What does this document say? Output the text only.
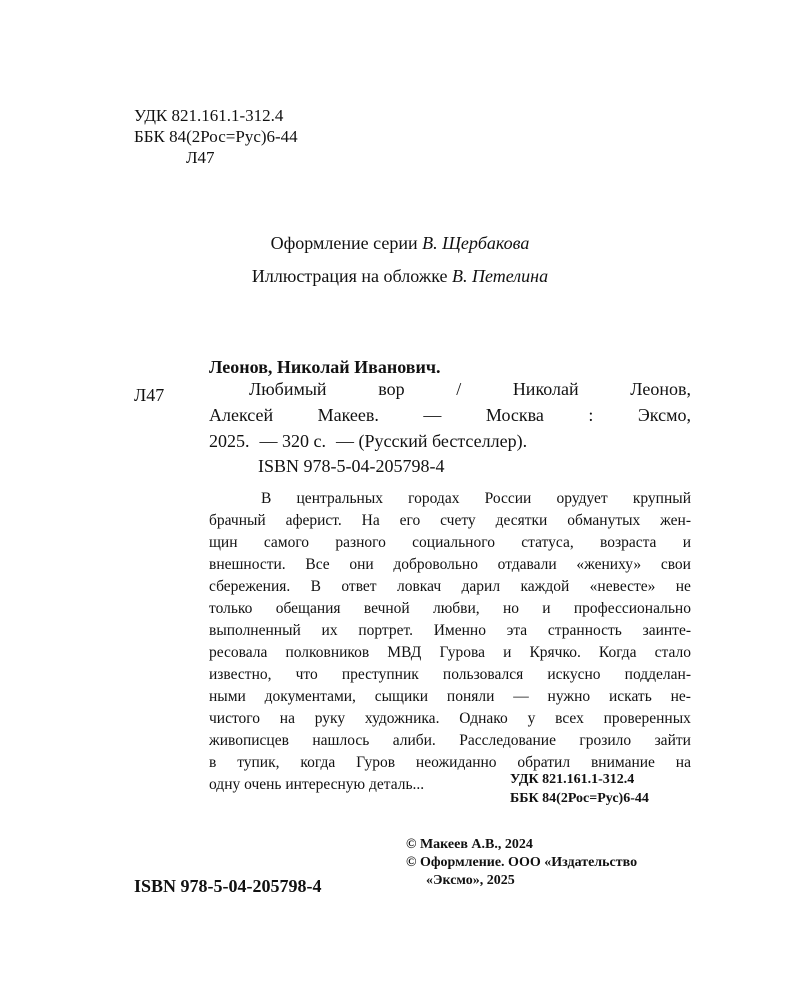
УДК 821.161.1-312.4
ББК 84(2Рос=Рус)6-44
Л47
Оформление серии В. Щербакова
Иллюстрация на обложке В. Петелина
Леонов, Николай Иванович.
Л47	Любимый	вор	/	Николай	Леонов,
Алексей Макеев. — Москва : Эксмо,
2025. — 320 с. — (Русский бестселлер).
ISBN 978-5-04-205798-4
В центральных городах России орудует крупный
брачный аферист. На его счету десятки обманутых жен-
щин самого разного социального статуса, возраста и
внешности. Все они добровольно отдавали «жениху» свои
сбережения. В ответ ловкач дарил каждой «невесте» не
только обещания вечной любви, но и профессионально
выполненный их портрет. Именно эта странность заинте-
ресовала полковников МВД Гурова и Крячко. Когда стало
известно, что преступник пользовался искусно подделан-
ными документами, сыщики поняли — нужно искать не-
чистого на руку художника. Однако у всех проверенных
живописцев нашлось алиби. Расследование грозило зайти
в тупик, когда Гуров неожиданно обратил внимание на
одну очень интересную деталь...	УДК 821.161.1-312.4
ББК 84(2Рос=Рус)6-44
© Макеев А.В., 2024
© Оформление. ООО «Издательство
«Эксмо», 2025
ISBN 978-5-04-205798-4
